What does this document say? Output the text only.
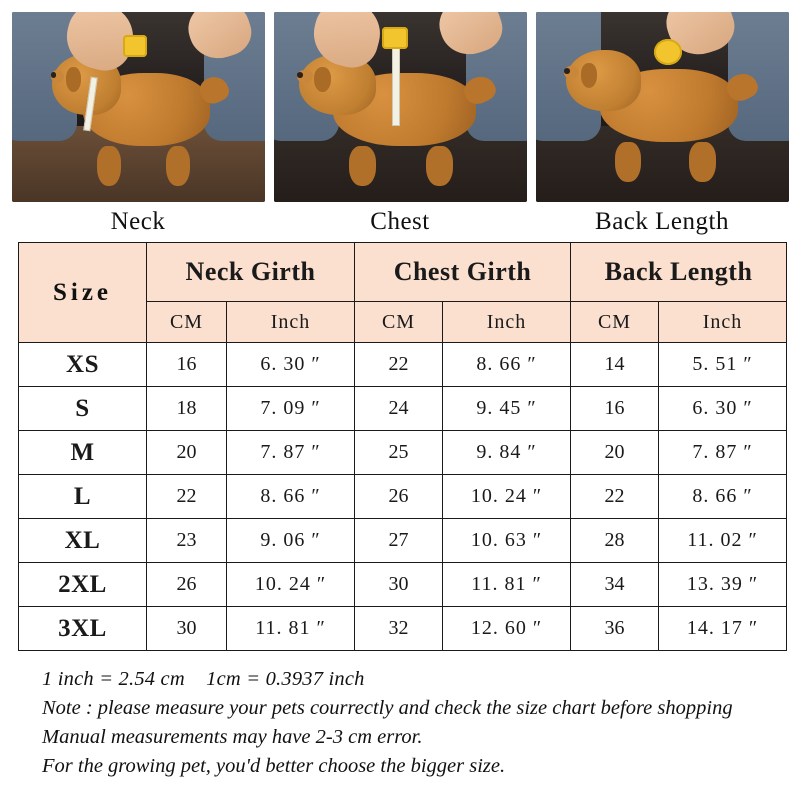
Neck	Chest	Back Length
Size	Neck Girth		Chest Girth		Back Length	
	CM	Inch	CM	Inch	CM	Inch
XS	16	6. 30 ″	22	8. 66 ″	14	5. 51 ″
S	18	7. 09 ″	24	9. 45 ″	16	6. 30 ″
M	20	7. 87 ″	25	9. 84 ″	20	7. 87 ″
L	22	8. 66 ″	26	10. 24 ″	22	8. 66 ″
XL	23	9. 06 ″	27	10. 63 ″	28	11. 02 ″
2XL	26	10. 24 ″	30	11. 81 ″	34	13. 39 ″
3XL	30	11. 81 ″	32	12. 60 ″	36	14. 17 ″
1 inch = 2.54 cm    1cm = 0.3937 inch
Note : please measure your pets courrectly and check the size chart before shopping
Manual measurements may have 2-3 cm error.
For the growing pet, you'd better choose the bigger size.
